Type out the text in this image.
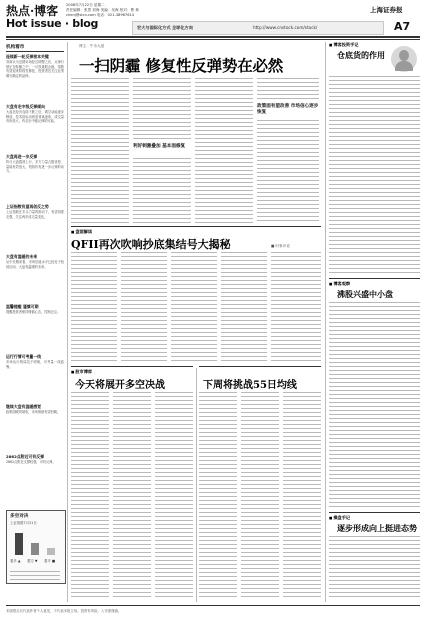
热点·博客
Hot issue · blog
2008年7月22日 星期二
责任编辑：张思 刘海 美编：吴海 校对：曹 黄
chenj@stcn.com 电话：021-38967614
上海证券报
宏大与国际化方式 全球化方向	http://www.cnstock.com/stock/	A7
机构看市
连续新一轮反弹根本关键
券商认为近期市场经过调整之后，反弹行情正在酝酿之中，一旦权重股企稳，指数有望迎来阶段性修复，投资者宜关注业绩增长确定的品种。
大盘有走中级反弹倾向
大盘在经历连续下跌之后，做空动能逐步释放，技术指标出现底背离迹象，成交量有所放大，有走出中级反弹的可能。
大盘再进一步反弹
昨日大盘震荡上行，多方力量占据优势，量能有效放大，短线仍有进一步反弹的动力。
上证指数有望再创反之势
上证指数在多头力量的推动下，有望再度走强，关注两市成交量变化。
大盘有温暖的未来
从中长期来看，市场估值水平已经处于较低区间，大盘有温暖的未来。
温馨提醒 谨慎可期
提醒投资者保持谨慎心态，控制仓位。
运行行情可考量一线
市场运行格局趋于明朗，可考量一线蓝筹。
继续大盘有温暖感觉
政策面暖风频吹，市场情绪有望回暖。
2862点附近可有反弹
2862点附近支撑较强，可有反弹。
多空对决
上证指数7月21日
看多 ▲ 看空 ▼ 看平 ■
一扫阴霾 修复性反弹势在必然
博主：牛市大道
利好刺激叠加 基本面修复
政策面有望改善 市场信心逐步恢复
■ 盘面解读
QFII再次吹响抄底集结号大揭秘	■ 时事评说
■ 股市博弈
今天将展开多空决战	下周将挑战55日均线
■ 博客投资手记
仓底货的作用
■ 博客观察
沸股兴盛中小盘
■ 操盘手记
逐步形成向上挺进态势
本版观点仅代表作者个人意见，不代表本报立场。投资有风险，入市需谨慎。
